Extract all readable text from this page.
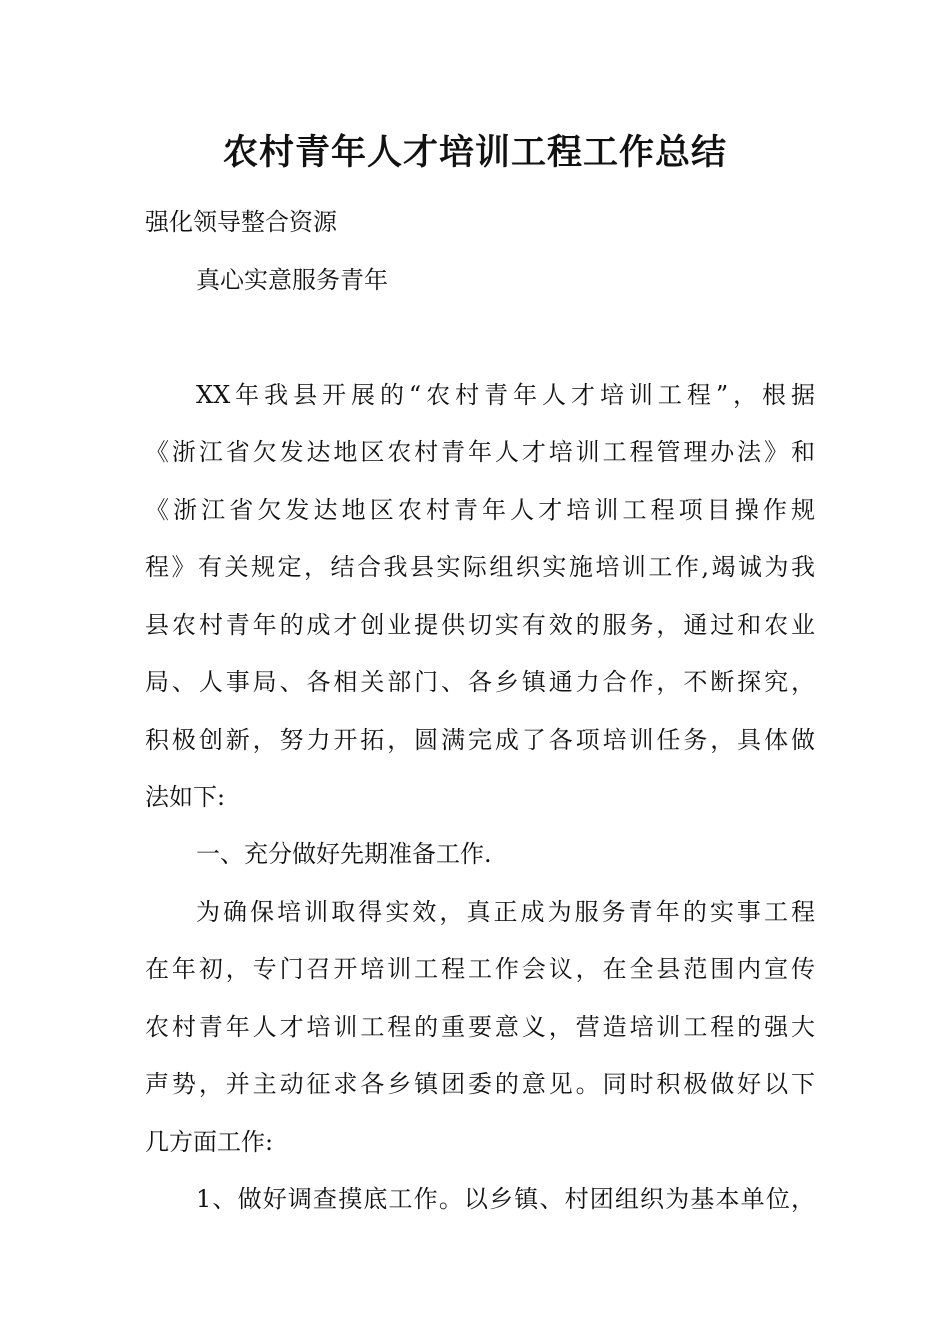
农村青年人才培训工程工作总结

强化领导整合资源

真心实意服务青年

XX年我县开展的“农村青年人才培训工程”，根据

《浙江省欠发达地区农村青年人才培训工程管理办法》和

《浙江省欠发达地区农村青年人才培训工程项目操作规

程》有关规定，结合我县实际组织实施培训工作,竭诚为我

县农村青年的成才创业提供切实有效的服务，通过和农业

局、人事局、各相关部门、各乡镇通力合作，不断探究，

积极创新，努力开拓，圆满完成了各项培训任务，具体做

法如下:

一、充分做好先期准备工作.

为确保培训取得实效，真正成为服务青年的实事工程

在年初，专门召开培训工程工作会议，在全县范围内宣传

农村青年人才培训工程的重要意义，营造培训工程的强大

声势，并主动征求各乡镇团委的意见。同时积极做好以下

几方面工作:

1、做好调查摸底工作。以乡镇、村团组织为基本单位，
